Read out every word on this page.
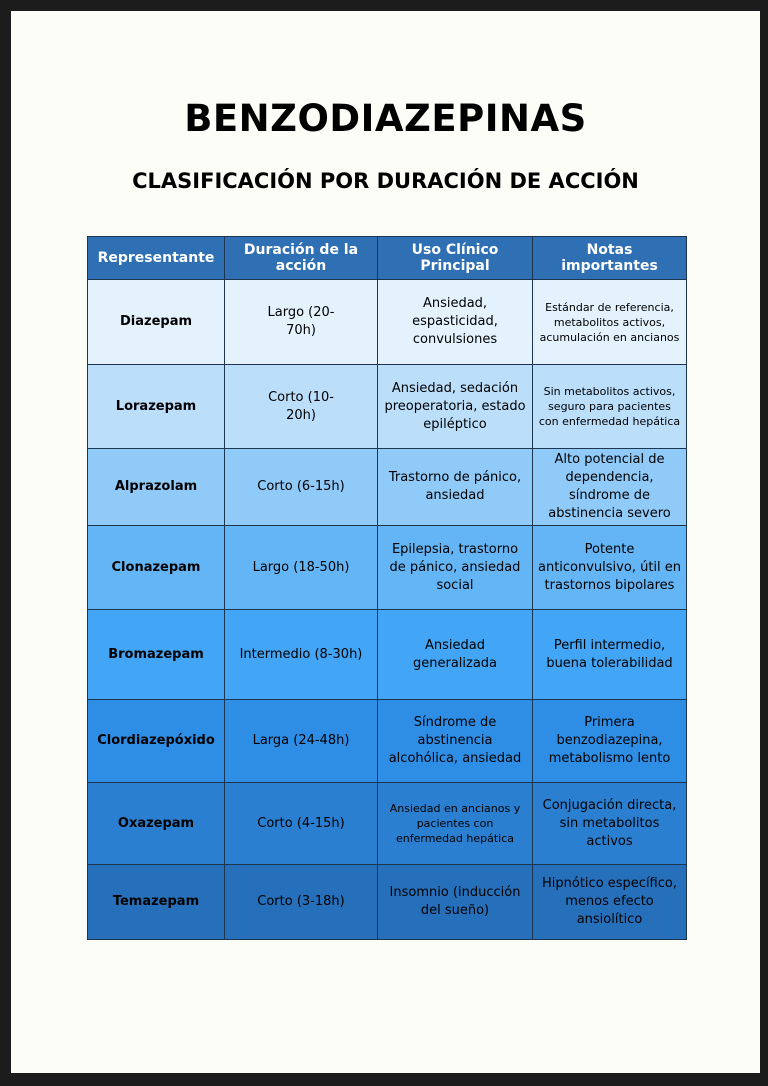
BENZODIAZEPINAS
CLASIFICACIÓN POR DURACIÓN DE ACCIÓN
Representante	Duración de la acción	Uso Clínico Principal	Notas importantes
Diazepam	Largo (20-70h)	Ansiedad, espasticidad, convulsiones	Estándar de referencia, metabolitos activos, acumulación en ancianos
Lorazepam	Corto (10-20h)	Ansiedad, sedación preoperatoria, estado epiléptico	Sin metabolitos activos, seguro para pacientes con enfermedad hepática
Alprazolam	Corto (6-15h)	Trastorno de pánico, ansiedad	Alto potencial de dependencia, síndrome de abstinencia severo
Clonazepam	Largo (18-50h)	Epilepsia, trastorno de pánico, ansiedad social	Potente anticonvulsivo, útil en trastornos bipolares
Bromazepam	Intermedio (8-30h)	Ansiedad generalizada	Perfil intermedio, buena tolerabilidad
Clordiazepóxido	Larga (24-48h)	Síndrome de abstinencia alcohólica, ansiedad	Primera benzodiazepina, metabolismo lento
Oxazepam	Corto (4-15h)	Ansiedad en ancianos y pacientes con enfermedad hepática	Conjugación directa, sin metabolitos activos
Temazepam	Corto (3-18h)	Insomnio (inducción del sueño)	Hipnótico específico, menos efecto ansiolítico
